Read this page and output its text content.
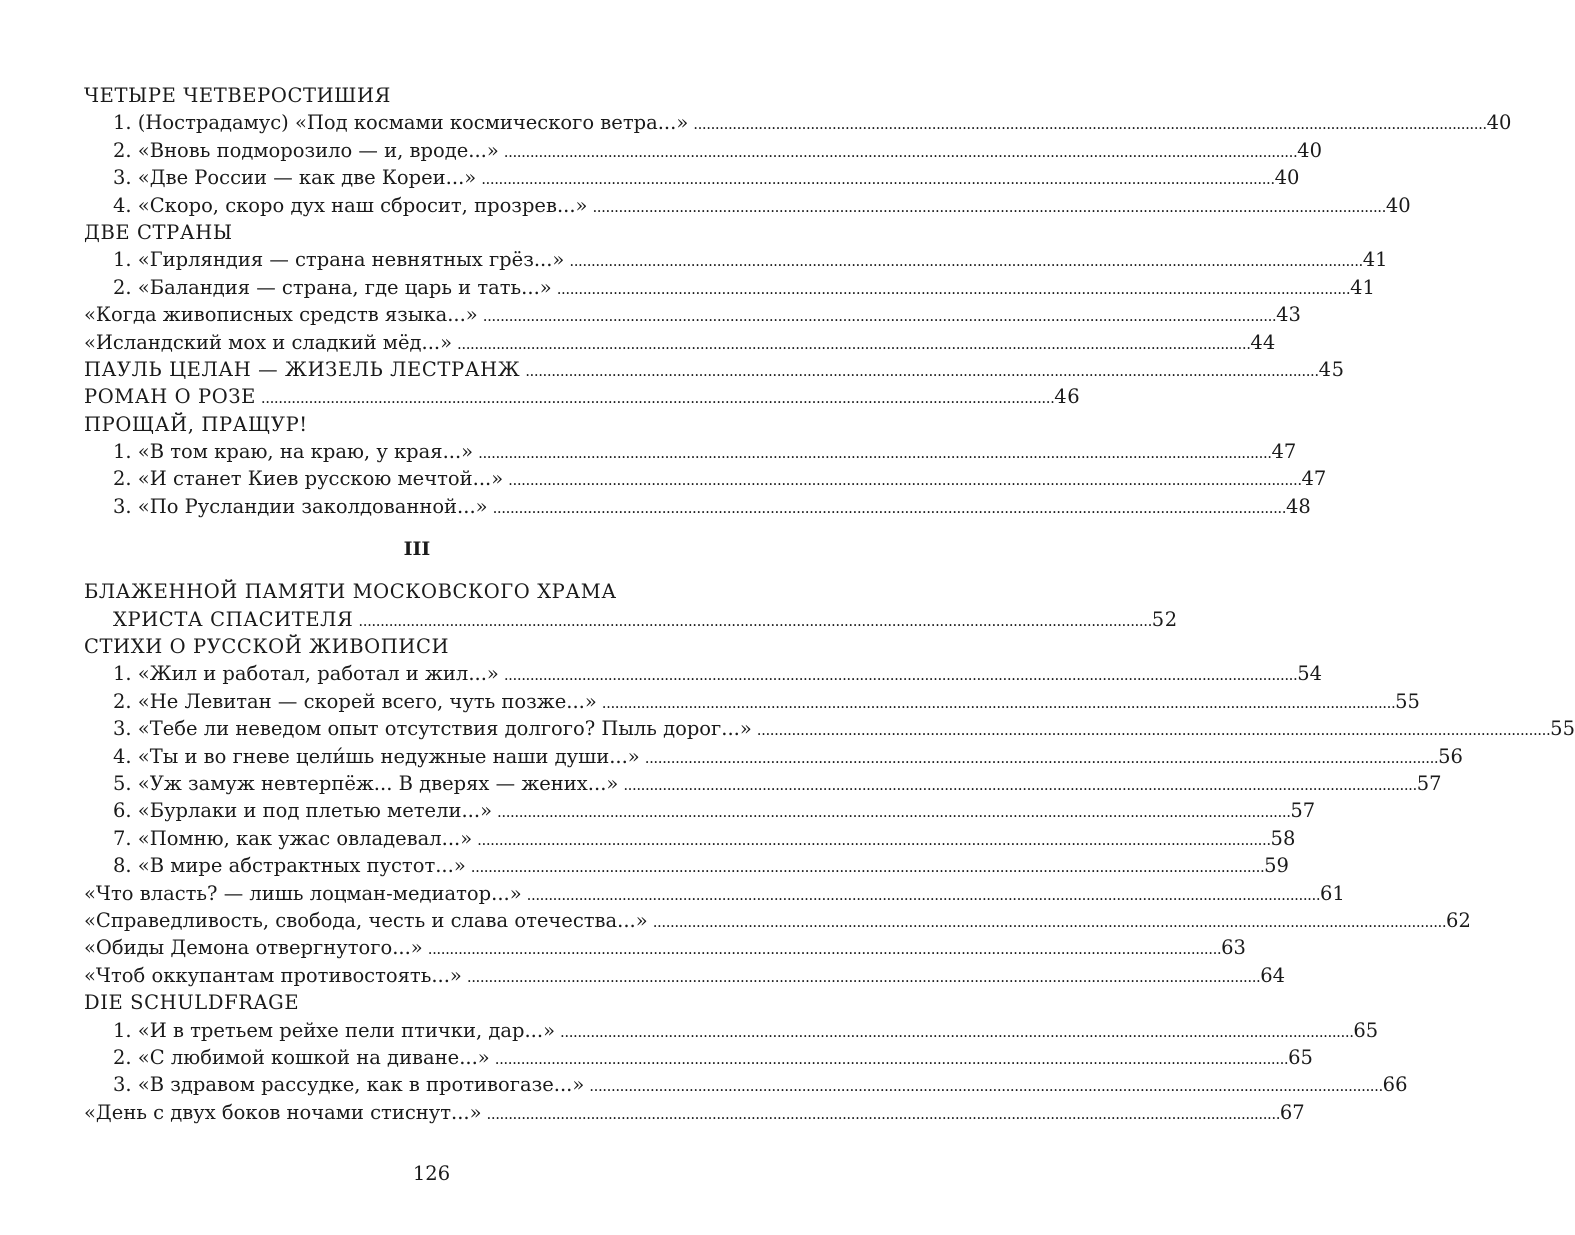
ЧЕТЫРЕ ЧЕТВЕРОСТИШИЯ
1. (Нострадамус) «Под космами космического ветра...» . . .	40
2. «Вновь подморозило — и, вроде...» . . .	40
3. «Две России — как две Кореи...» . . .	40
4. «Скоро, скоро дух наш сбросит, прозрев...» . . .	40
ДВЕ СТРАНЫ
1. «Гирляндия — страна невнятных грёз...» . . .	41
2. «Баландия — страна, где царь и тать...» . . .	41
«Когда живописных средств языка...» . . .	43
«Исландский мох и сладкий мёд...» . . .	44
ПАУЛЬ ЦЕЛАН — ЖИЗЕЛЬ ЛЕСТРАНЖ . . .	45
РОМАН О РОЗЕ . . .	46
ПРОЩАЙ, ПРАЩУР!
1. «В том краю, на краю, у края...» . . .	47
2. «И станет Киев русскою мечтой...» . . .	47
3. «По Русландии заколдованной...» . . .	48
III
БЛАЖЕННОЙ ПАМЯТИ МОСКОВСКОГО ХРАМА
ХРИСТА СПАСИТЕЛЯ . . .	52
СТИХИ О РУССКОЙ ЖИВОПИСИ
1. «Жил и работал, работал и жил...» . . .	54
2. «Не Левитан — скорей всего, чуть позже...» . . .	55
3. «Тебе ли неведом опыт отсутствия долгого? Пыль дорог...» . . .	55
4. «Ты и во гневе цели́шь недужные наши души...» . . .	56
5. «Уж замуж невтерпёж... В дверях — жених...» . . .	57
6. «Бурлаки и под плетью метели...» . . .	57
7. «Помню, как ужас овладевал...» . . .	58
8. «В мире абстрактных пустот...» . . .	59
«Что власть? — лишь лоцман-медиатор...» . . .	61
«Справедливость, свобода, честь и слава отечества...» . . .	62
«Обиды Демона отвергнутого...» . . .	63
«Чтоб оккупантам противостоять...» . . .	64
DIE SCHULDFRAGE
1. «И в третьем рейхе пели птички, дар...» . . .	65
2. «С любимой кошкой на диване...» . . .	65
3. «В здравом рассудке, как в противогазе...» . . .	66
«День с двух боков ночами стиснут...» . . .	67
126
